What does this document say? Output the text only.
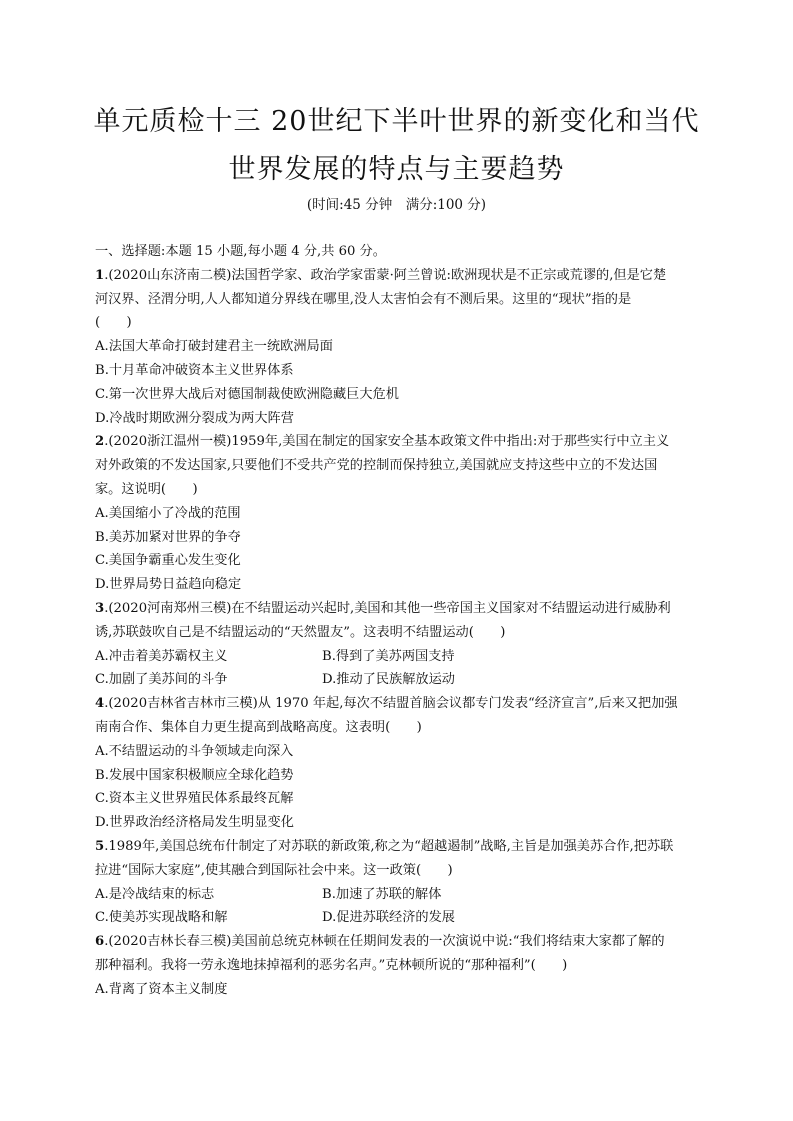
单元质检十三 20世纪下半叶世界的新变化和当代
世界发展的特点与主要趋势
(时间:45 分钟　满分:100 分)
一、选择题:本题 15 小题,每小题 4 分,共 60 分。
1.(2020山东济南二模)法国哲学家、政治学家雷蒙·阿兰曾说:欧洲现状是不正宗或荒谬的,但是它楚
河汉界、泾渭分明,人人都知道分界线在哪里,没人太害怕会有不测后果。这里的“现状”指的是
(　　)
A.法国大革命打破封建君主一统欧洲局面
B.十月革命冲破资本主义世界体系
C.第一次世界大战后对德国制裁使欧洲隐藏巨大危机
D.冷战时期欧洲分裂成为两大阵营
2.(2020浙江温州一模)1959年,美国在制定的国家安全基本政策文件中指出:对于那些实行中立主义
对外政策的不发达国家,只要他们不受共产党的控制而保持独立,美国就应支持这些中立的不发达国
家。这说明(　　)
A.美国缩小了冷战的范围
B.美苏加紧对世界的争夺
C.美国争霸重心发生变化
D.世界局势日益趋向稳定
3.(2020河南郑州三模)在不结盟运动兴起时,美国和其他一些帝国主义国家对不结盟运动进行威胁利
诱,苏联鼓吹自己是不结盟运动的“天然盟友”。这表明不结盟运动(　　)
A.冲击着美苏霸权主义	B.得到了美苏两国支持
C.加剧了美苏间的斗争	D.推动了民族解放运动
4.(2020吉林省吉林市三模)从 1970 年起,每次不结盟首脑会议都专门发表“经济宣言”,后来又把加强
南南合作、集体自力更生提高到战略高度。这表明(　　)
A.不结盟运动的斗争领域走向深入
B.发展中国家积极顺应全球化趋势
C.资本主义世界殖民体系最终瓦解
D.世界政治经济格局发生明显变化
5.1989年,美国总统布什制定了对苏联的新政策,称之为“超越遏制”战略,主旨是加强美苏合作,把苏联
拉进“国际大家庭”,使其融合到国际社会中来。这一政策(　　)
A.是冷战结束的标志	B.加速了苏联的解体
C.使美苏实现战略和解	D.促进苏联经济的发展
6.(2020吉林长春三模)美国前总统克林顿在任期间发表的一次演说中说:“我们将结束大家都了解的
那种福利。我将一劳永逸地抹掉福利的恶劣名声。”克林顿所说的“那种福利”(　　)
A.背离了资本主义制度
